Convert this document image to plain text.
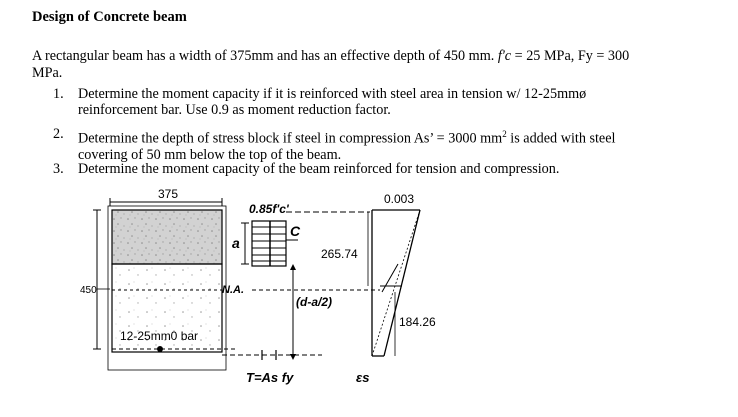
Design of Concrete beam
A rectangular beam has a width of 375mm and has an effective depth of 450 mm. f'c = 25 MPa, Fy = 300
MPa.
1. Determine the moment capacity if it is reinforced with steel area in tension w/ 12-25mmø
reinforcement bar. Use 0.9 as moment reduction factor.
2. Determine the depth of stress block if steel in compression As’ = 3000 $mm^2$ is added with steel
covering of 50 mm below the top of the beam.
3. Determine the moment capacity of the beam reinforced for tension and compression.
375
12-25mm0 bar
450
0.85f'c'
a
C
N.A.
(d-a/2)
T=As fy
0.003
265.74
184.26
εs
